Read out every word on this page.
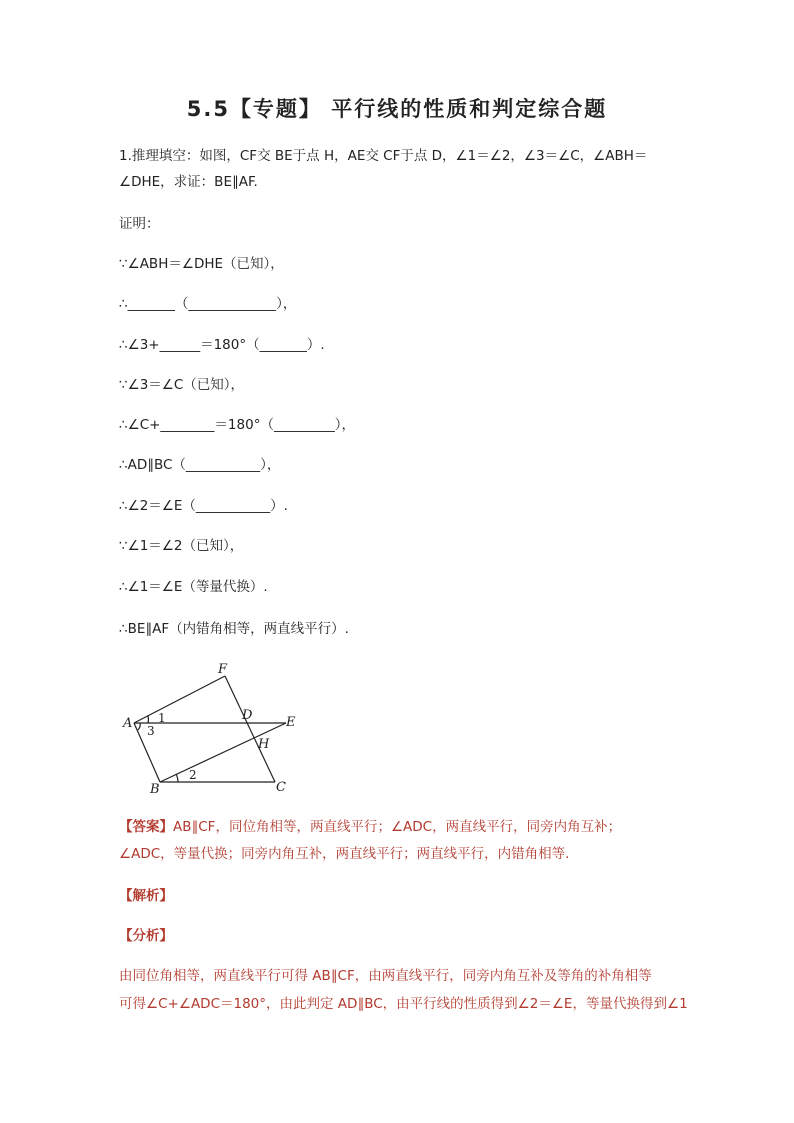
5.5【专题】 平行线的性质和判定综合题
1.推理填空：如图，CF交 BE于点 H，AE交 CF于点 D，∠1＝∠2，∠3＝∠C，∠ABH＝
∠DHE，求证：BE∥AF.
证明：
∵∠ABH＝∠DHE（已知），
∴_______（_____________），
∴∠3+______＝180°（_______）.
∵∠3＝∠C（已知），
∴∠C+________＝180°（_________），
∴AD∥BC（___________），
∴∠2＝∠E（___________）.
∵∠1＝∠2（已知），
∴∠1＝∠E（等量代换）.
∴BE∥AF（内错角相等，两直线平行）.
F
A
D	E
H
B	C
1
3
2
【答案】AB∥CF，同位角相等，两直线平行；∠ADC，两直线平行，同旁内角互补；
∠ADC，等量代换；同旁内角互补，两直线平行；两直线平行，内错角相等.
【解析】
【分析】
由同位角相等，两直线平行可得 AB∥CF，由两直线平行，同旁内角互补及等角的补角相等
可得∠C+∠ADC＝180°，由此判定 AD∥BC，由平行线的性质得到∠2＝∠E，等量代换得到∠1
